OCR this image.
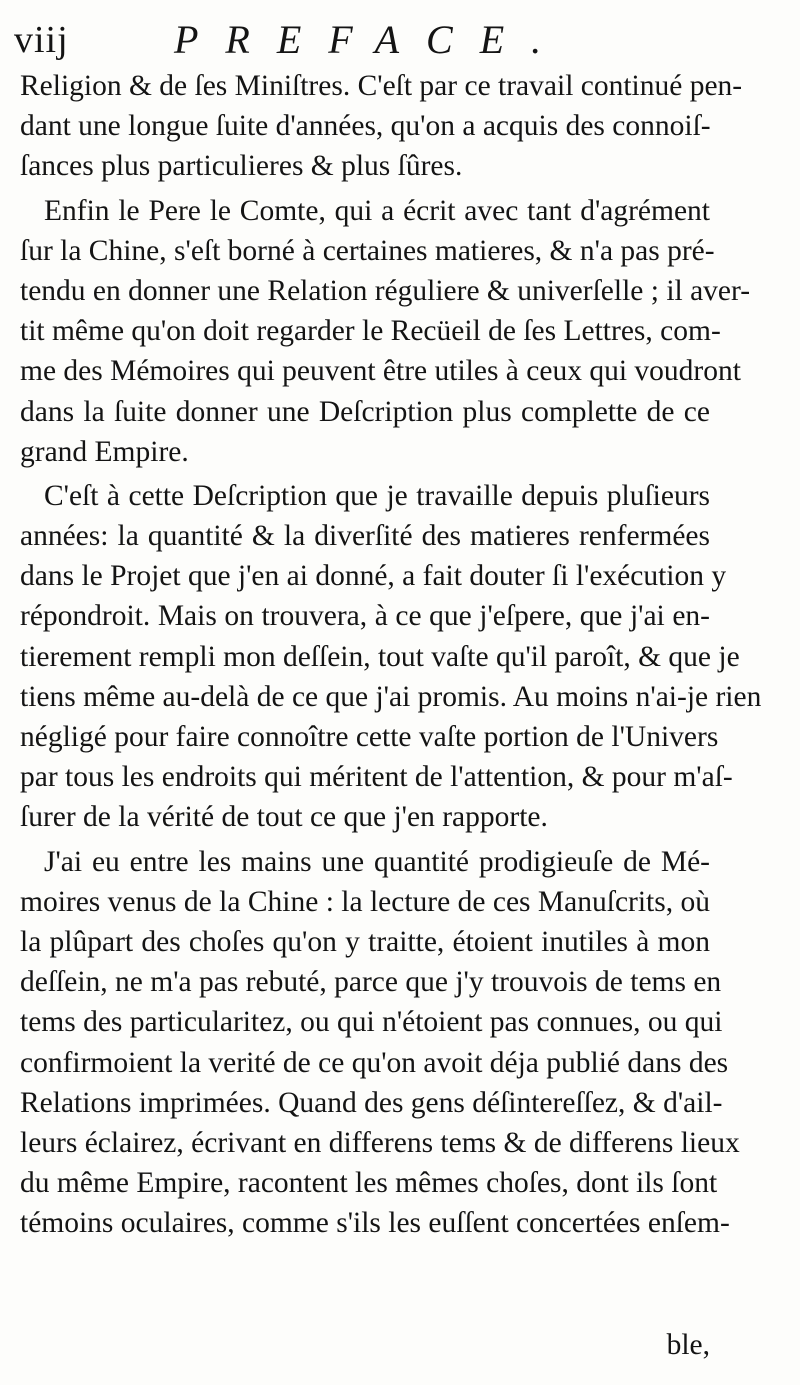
viij	PREFACE.
Religion & de ſes Miniſtres. C'eſt par ce travail continué pen-
dant une longue ſuite d'années, qu'on a acquis des connoiſ-
ſances plus particulieres & plus ſûres.
Enfin le Pere le Comte, qui a écrit avec tant d'agrément
ſur la Chine, s'eſt borné à certaines matieres, & n'a pas pré-
tendu en donner une Relation réguliere & univerſelle ; il aver-
tit même qu'on doit regarder le Recüeil de ſes Lettres, com-
me des Mémoires qui peuvent être utiles à ceux qui voudront
dans la ſuite donner une Deſcription plus complette de ce
grand Empire.
C'eſt à cette Deſcription que je travaille depuis pluſieurs
années: la quantité & la diverſité des matieres renfermées
dans le Projet que j'en ai donné, a fait douter ſi l'exécution y
répondroit. Mais on trouvera, à ce que j'eſpere, que j'ai en-
tierement rempli mon deſſein, tout vaſte qu'il paroît, & que je
tiens même au-delà de ce que j'ai promis. Au moins n'ai-je rien
négligé pour faire connoître cette vaſte portion de l'Univers
par tous les endroits qui méritent de l'attention, & pour m'aſ-
ſurer de la vérité de tout ce que j'en rapporte.
J'ai eu entre les mains une quantité prodigieuſe de Mé-
moires venus de la Chine : la lecture de ces Manuſcrits, où
la plûpart des choſes qu'on y traitte, étoient inutiles à mon
deſſein, ne m'a pas rebuté, parce que j'y trouvois de tems en
tems des particularitez, ou qui n'étoient pas connues, ou qui
confirmoient la verité de ce qu'on avoit déja publié dans des
Relations imprimées. Quand des gens déſintereſſez, & d'ail-
leurs éclairez, écrivant en differens tems & de differens lieux
du même Empire, racontent les mêmes choſes, dont ils ſont
témoins oculaires, comme s'ils les euſſent concertées enſem-
ble,
